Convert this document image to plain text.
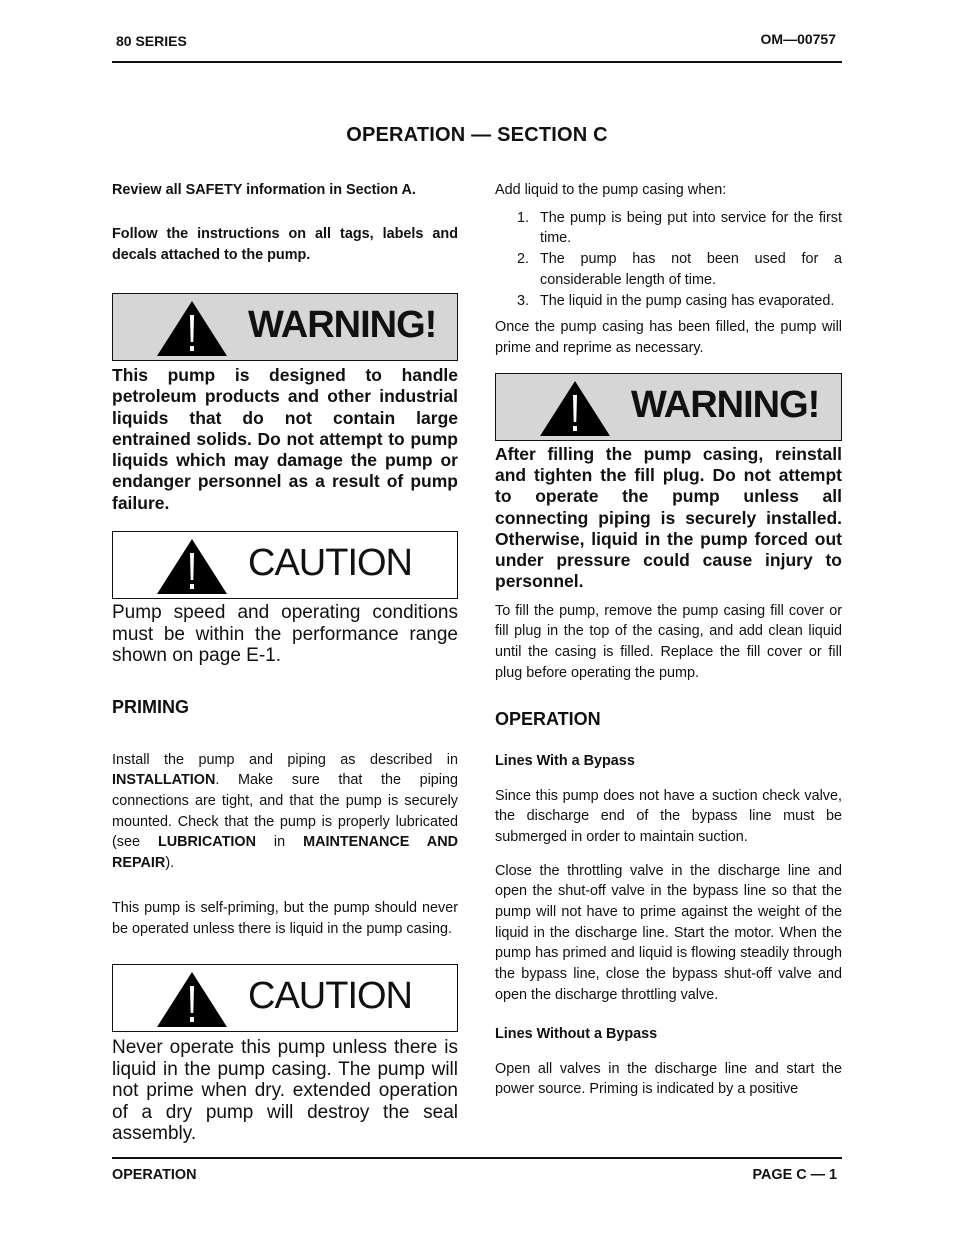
80 SERIES	OM—00757
OPERATION — SECTION C

Review all SAFETY information in Section A.

Follow the instructions on all tags, labels and decals attached to the pump.

WARNING!

This pump is designed to handle petroleum products and other industrial liquids that do not contain large entrained solids. Do not attempt to pump liquids which may damage the pump or endanger personnel as a result of pump failure.

CAUTION

Pump speed and operating conditions must be within the performance range shown on page E-1.

PRIMING

Install the pump and piping as described in INSTALLATION. Make sure that the piping connections are tight, and that the pump is securely mounted. Check that the pump is properly lubricated (see LUBRICATION in MAINTENANCE AND REPAIR).

This pump is self-priming, but the pump should never be operated unless there is liquid in the pump casing.

CAUTION

Never operate this pump unless there is liquid in the pump casing. The pump will not prime when dry. extended operation of a dry pump will destroy the seal assembly.

Add liquid to the pump casing when:

1. The pump is being put into service for the first time.
2. The pump has not been used for a considerable length of time.
3. The liquid in the pump casing has evaporated.

Once the pump casing has been filled, the pump will prime and reprime as necessary.

WARNING!

After filling the pump casing, reinstall and tighten the fill plug. Do not attempt to operate the pump unless all connecting piping is securely installed. Otherwise, liquid in the pump forced out under pressure could cause injury to personnel.

To fill the pump, remove the pump casing fill cover or fill plug in the top of the casing, and add clean liquid until the casing is filled. Replace the fill cover or fill plug before operating the pump.

OPERATION

Lines With a Bypass

Since this pump does not have a suction check valve, the discharge end of the bypass line must be submerged in order to maintain suction.

Close the throttling valve in the discharge line and open the shut-off valve in the bypass line so that the pump will not have to prime against the weight of the liquid in the discharge line. Start the motor. When the pump has primed and liquid is flowing steadily through the bypass line, close the bypass shut-off valve and open the discharge throttling valve.

Lines Without a Bypass

Open all valves in the discharge line and start the power source. Priming is indicated by a positive

OPERATION	PAGE C — 1
